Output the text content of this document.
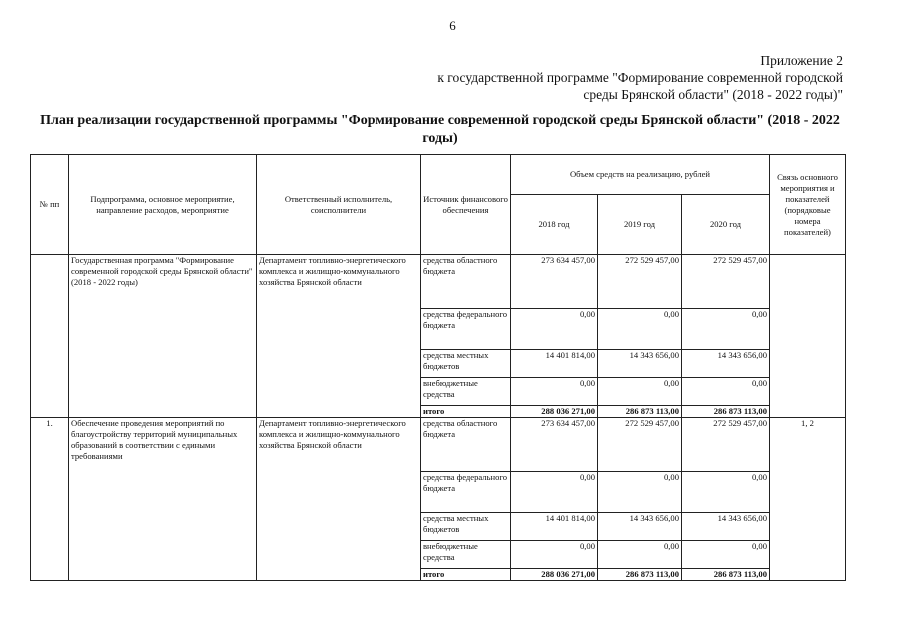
6
Приложение 2
к государственной программе "Формирование современной городской
среды Брянской области" (2018 - 2022 годы)"
План реализации государственной программы "Формирование современной городской среды Брянской области" (2018 - 2022 годы)
№ пп	Подпрограмма, основное мероприятие, направление расходов, мероприятие	Ответственный исполнитель, соисполнители	Источник финансового обеспечения	Объем средств на реализацию, рублей			Связь основного мероприятия и показателей (порядковые номера показателей)
				2018 год	2019 год	2020 год	
	Государственная программа "Формирование современной городской среды Брянской области" (2018 - 2022 годы)	Департамент топливно-энергетического комплекса и жилищно-коммунального хозяйства Брянской области	средства областного бюджета	273 634 457,00	272 529 457,00	272 529 457,00	
			средства федерального бюджета	0,00	0,00	0,00	
			средства местных бюджетов	14 401 814,00	14 343 656,00	14 343 656,00	
			внебюджетные средства	0,00	0,00	0,00	
			итого	288 036 271,00	286 873 113,00	286 873 113,00	
1.	Обеспечение проведения мероприятий по благоустройству территорий муниципальных образований в соответствии с едиными требованиями	Департамент топливно-энергетического комплекса и жилищно-коммунального хозяйства Брянской области	средства областного бюджета	273 634 457,00	272 529 457,00	272 529 457,00	1, 2
			средства федерального бюджета	0,00	0,00	0,00	
			средства местных бюджетов	14 401 814,00	14 343 656,00	14 343 656,00	
			внебюджетные средства	0,00	0,00	0,00	
			итого	288 036 271,00	286 873 113,00	286 873 113,00	
